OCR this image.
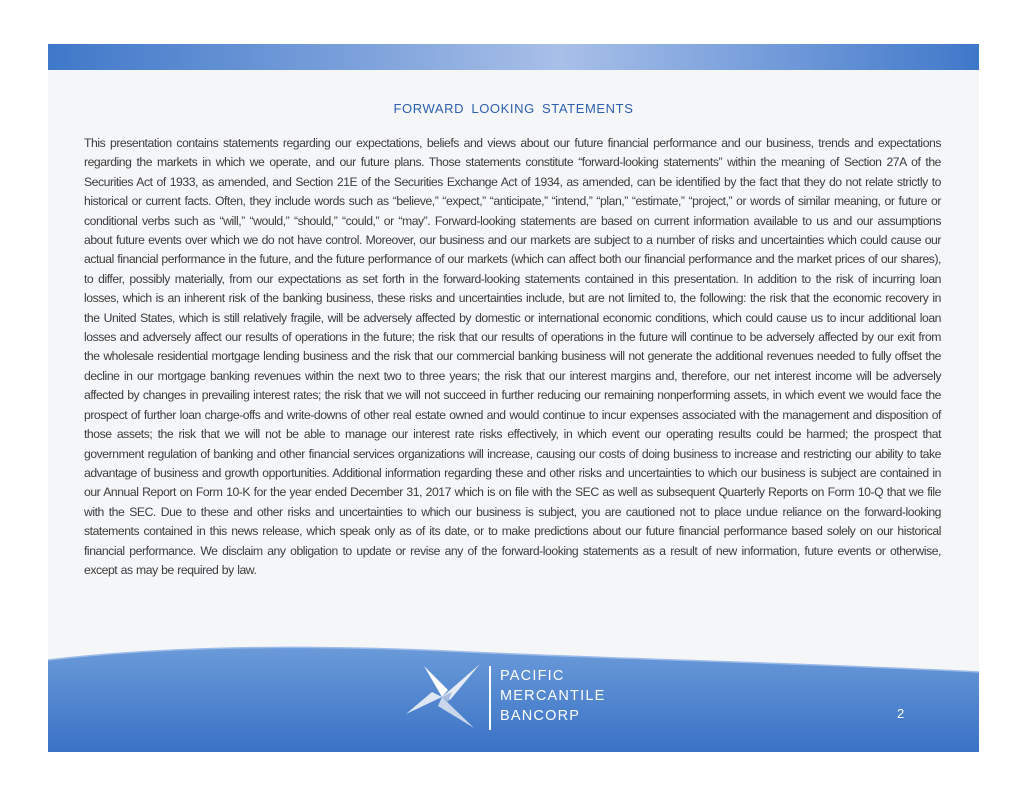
FORWARD LOOKING STATEMENTS
This presentation contains statements regarding our expectations, beliefs and views about our future financial performance and our business, trends and expectations regarding the markets in which we operate, and our future plans. Those statements constitute “forward-looking statements” within the meaning of Section 27A of the Securities Act of 1933, as amended, and Section 21E of the Securities Exchange Act of 1934, as amended, can be identified by the fact that they do not relate strictly to historical or current facts. Often, they include words such as “believe,” “expect,” “anticipate,” “intend,” “plan,” “estimate,” “project,” or words of similar meaning, or future or conditional verbs such as “will,” “would,” “should,” “could,” or “may”. Forward-looking statements are based on current information available to us and our assumptions about future events over which we do not have control. Moreover, our business and our markets are subject to a number of risks and uncertainties which could cause our actual financial performance in the future, and the future performance of our markets (which can affect both our financial performance and the market prices of our shares), to differ, possibly materially, from our expectations as set forth in the forward-looking statements contained in this presentation. In addition to the risk of incurring loan losses, which is an inherent risk of the banking business, these risks and uncertainties include, but are not limited to, the following: the risk that the economic recovery in the United States, which is still relatively fragile, will be adversely affected by domestic or international economic conditions, which could cause us to incur additional loan losses and adversely affect our results of operations in the future; the risk that our results of operations in the future will continue to be adversely affected by our exit from the wholesale residential mortgage lending business and the risk that our commercial banking business will not generate the additional revenues needed to fully offset the decline in our mortgage banking revenues within the next two to three years; the risk that our interest margins and, therefore, our net interest income will be adversely affected by changes in prevailing interest rates; the risk that we will not succeed in further reducing our remaining nonperforming assets, in which event we would face the prospect of further loan charge-offs and write-downs of other real estate owned and would continue to incur expenses associated with the management and disposition of those assets; the risk that we will not be able to manage our interest rate risks effectively, in which event our operating results could be harmed; the prospect that government regulation of banking and other financial services organizations will increase, causing our costs of doing business to increase and restricting our ability to take advantage of business and growth opportunities. Additional information regarding these and other risks and uncertainties to which our business is subject are contained in our Annual Report on Form 10-K for the year ended December 31, 2017 which is on file with the SEC as well as subsequent Quarterly Reports on Form 10-Q that we file with the SEC. Due to these and other risks and uncertainties to which our business is subject, you are cautioned not to place undue reliance on the forward-looking statements contained in this news release, which speak only as of its date, or to make predictions about our future financial performance based solely on our historical financial performance. We disclaim any obligation to update or revise any of the forward-looking statements as a result of new information, future events or otherwise, except as may be required by law.
PACIFIC
MERCANTILE
BANCORP	2
